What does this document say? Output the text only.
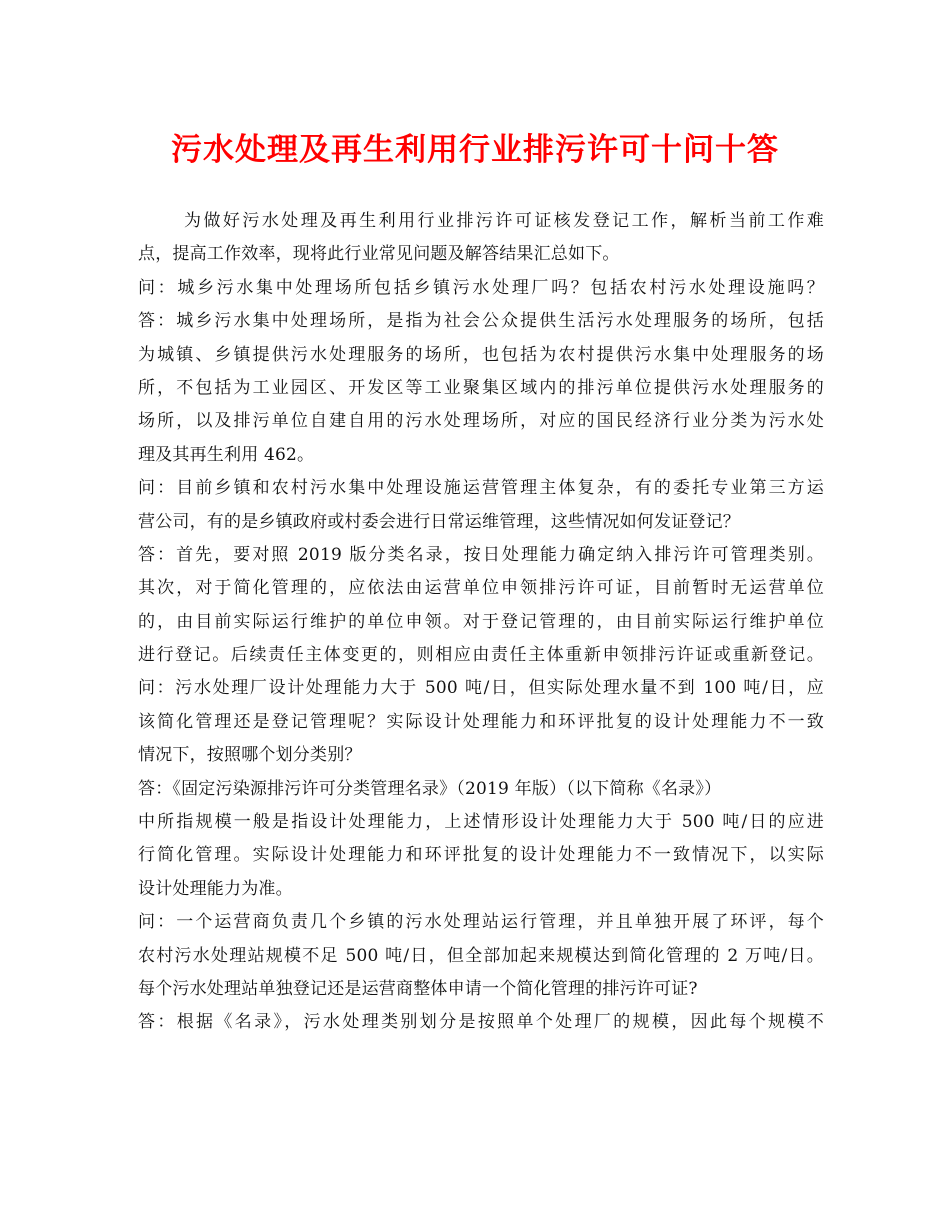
污水处理及再生利用行业排污许可十问十答
为做好污水处理及再生利用行业排污许可证核发登记工作，解析当前工作难
点，提高工作效率，现将此行业常见问题及解答结果汇总如下。
问：城乡污水集中处理场所包括乡镇污水处理厂吗？包括农村污水处理设施吗？
答：城乡污水集中处理场所，是指为社会公众提供生活污水处理服务的场所，包括
为城镇、乡镇提供污水处理服务的场所，也包括为农村提供污水集中处理服务的场
所，不包括为工业园区、开发区等工业聚集区域内的排污单位提供污水处理服务的
场所，以及排污单位自建自用的污水处理场所，对应的国民经济行业分类为污水处
理及其再生利用 462。
问：目前乡镇和农村污水集中处理设施运营管理主体复杂，有的委托专业第三方运
营公司，有的是乡镇政府或村委会进行日常运维管理，这些情况如何发证登记？
答：首先，要对照 2019 版分类名录，按日处理能力确定纳入排污许可管理类别。
其次，对于简化管理的，应依法由运营单位申领排污许可证，目前暂时无运营单位
的，由目前实际运行维护的单位申领。对于登记管理的，由目前实际运行维护单位
进行登记。后续责任主体变更的，则相应由责任主体重新申领排污许证或重新登记。
问：污水处理厂设计处理能力大于 500 吨/日，但实际处理水量不到 100 吨/日，应
该简化管理还是登记管理呢？实际设计处理能力和环评批复的设计处理能力不一致
情况下，按照哪个划分类别？
答：《固定污染源排污许可分类管理名录》（2019 年版）（以下简称《名录》）
中所指规模一般是指设计处理能力，上述情形设计处理能力大于 500 吨/日的应进
行简化管理。实际设计处理能力和环评批复的设计处理能力不一致情况下，以实际
设计处理能力为准。
问：一个运营商负责几个乡镇的污水处理站运行管理，并且单独开展了环评，每个
农村污水处理站规模不足 500 吨/日，但全部加起来规模达到简化管理的 2 万吨/日。
每个污水处理站单独登记还是运营商整体申请一个简化管理的排污许可证?
答：根据《名录》，污水处理类别划分是按照单个处理厂的规模，因此每个规模不
